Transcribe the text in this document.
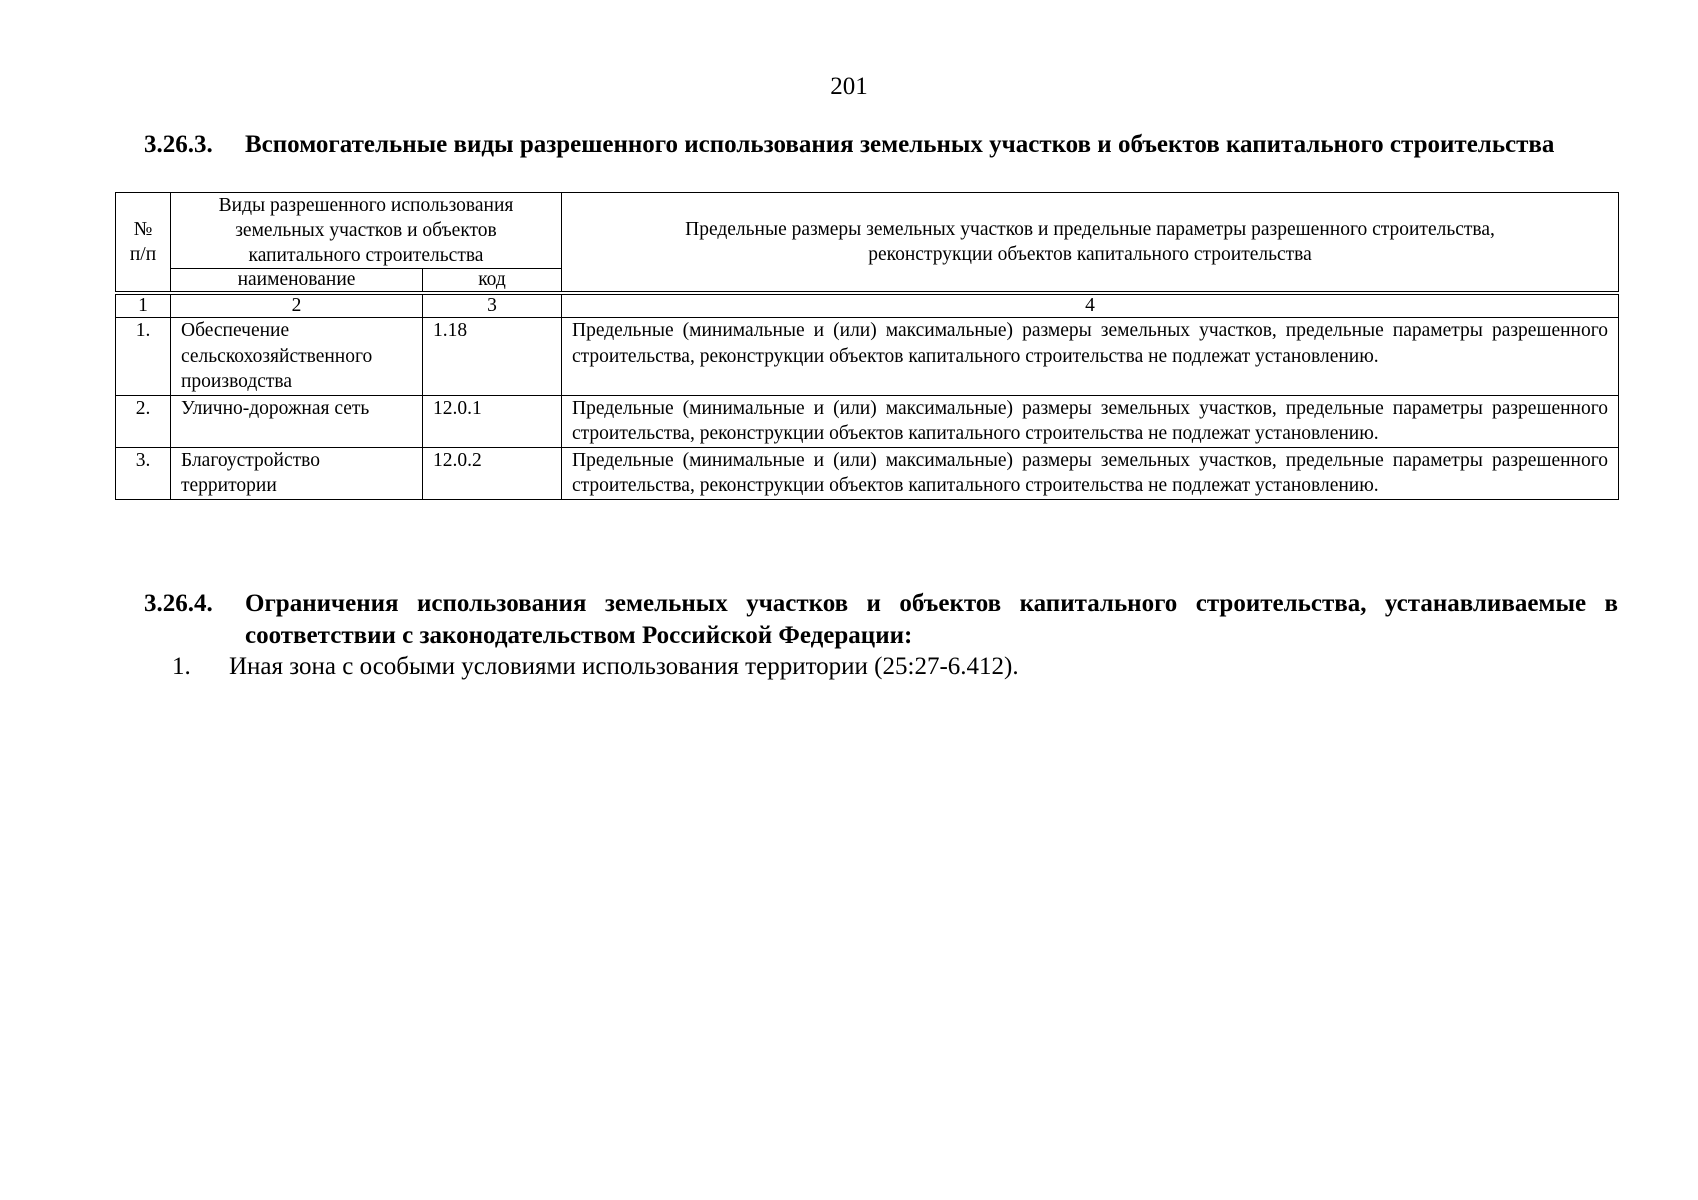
201
3.26.3. Вспомогательные виды разрешенного использования земельных участков и объектов капитального строительства
№ п/п	Виды разрешенного использования земельных участков и объектов капитального строительства		Предельные размеры земельных участков и предельные параметры разрешенного строительства, реконструкции объектов капитального строительства
	наименование	код	

1	2	3	4
1.	Обеспечение сельскохозяйственного производства	1.18	Предельные (минимальные и (или) максимальные) размеры земельных участков, предельные параметры разрешенного строительства, реконструкции объектов капитального строительства не подлежат установлению.
2.	Улично-дорожная сеть	12.0.1	Предельные (минимальные и (или) максимальные) размеры земельных участков, предельные параметры разрешенного строительства, реконструкции объектов капитального строительства не подлежат установлению.
3.	Благоустройство территории	12.0.2	Предельные (минимальные и (или) максимальные) размеры земельных участков, предельные параметры разрешенного строительства, реконструкции объектов капитального строительства не подлежат установлению.
3.26.4. Ограничения использования земельных участков и объектов капитального строительства, устанавливаемые в соответствии с законодательством Российской Федерации:
1. Иная зона с особыми условиями использования территории (25:27-6.412).
